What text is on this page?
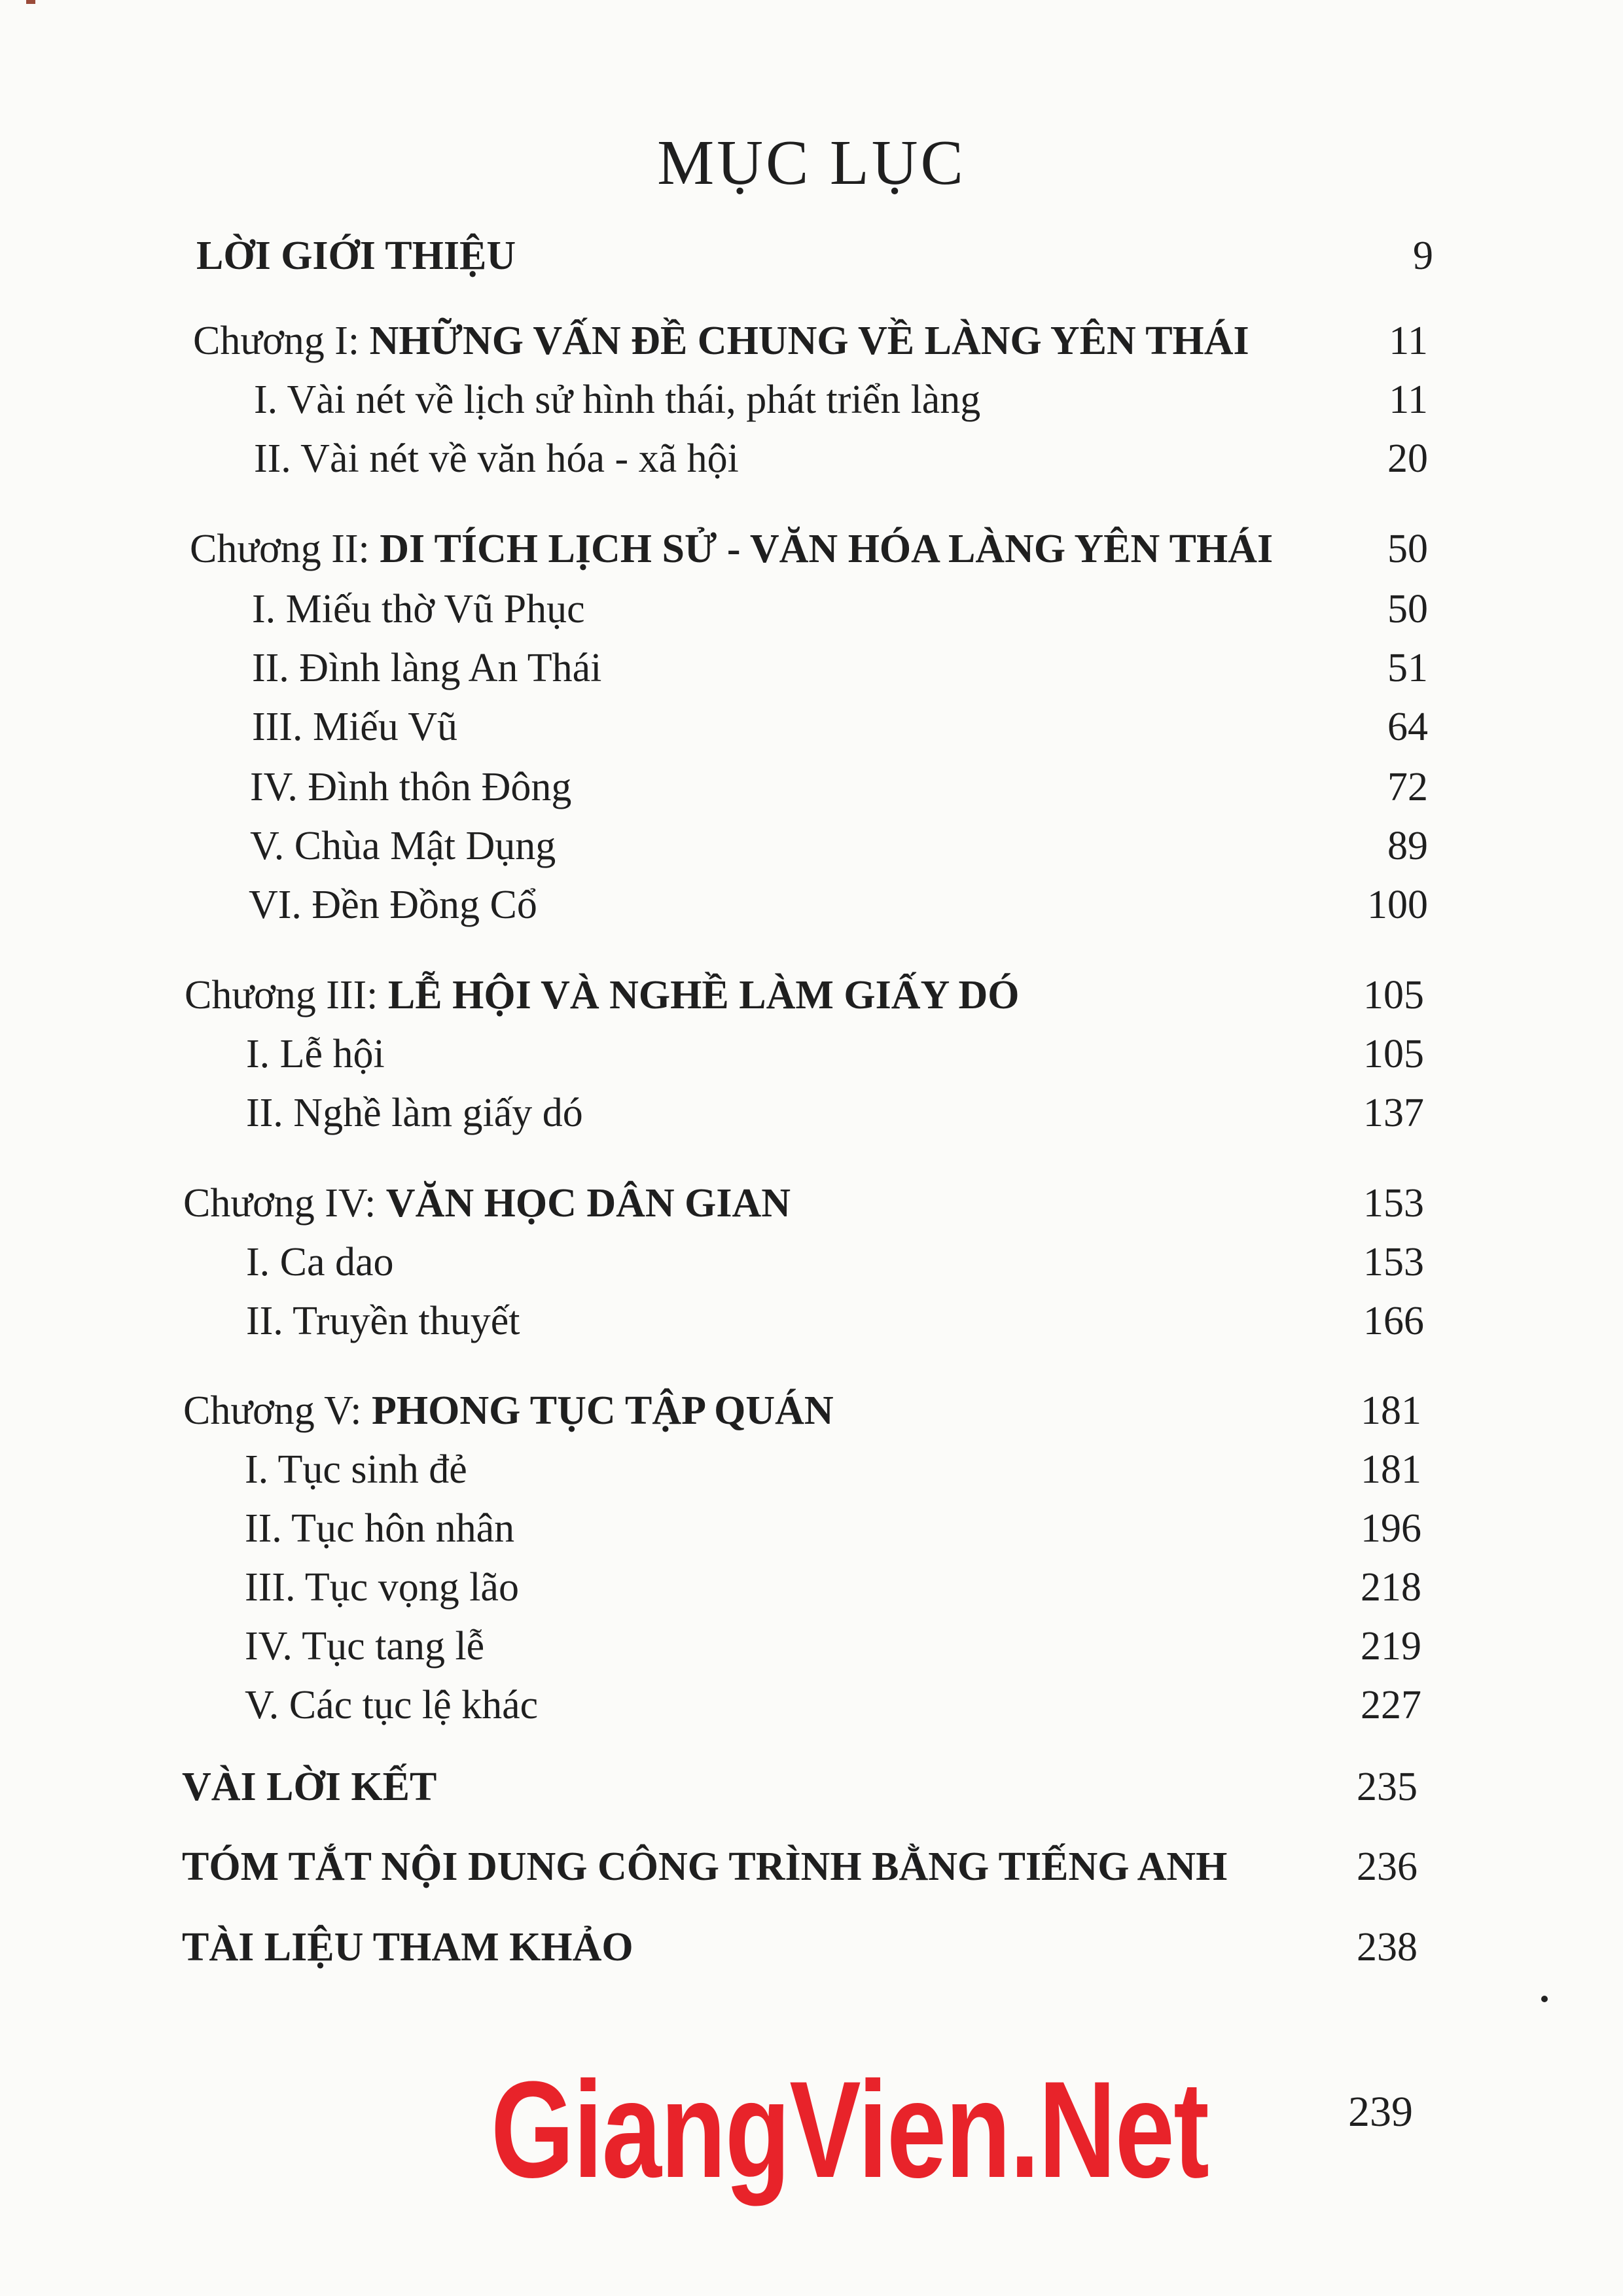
MỤC LỤC
LỜI GIỚI THIỆU	9
Chương I: NHỮNG VẤN ĐỀ CHUNG VỀ LÀNG YÊN THÁI	11
I. Vài nét về lịch sử hình thái, phát triển làng	11
II. Vài nét về văn hóa - xã hội	20
Chương II: DI TÍCH LỊCH SỬ - VĂN HÓA LÀNG YÊN THÁI	50
I. Miếu thờ Vũ Phục	50
II. Đình làng An Thái	51
III. Miếu Vũ	64
IV. Đình thôn Đông	72
V. Chùa Mật Dụng	89
VI. Đền Đồng Cổ	100
Chương III: LỄ HỘI VÀ NGHỀ LÀM GIẤY DÓ	105
I. Lễ hội	105
II. Nghề làm giấy dó	137
Chương IV: VĂN HỌC DÂN GIAN	153
I. Ca dao	153
II. Truyền thuyết	166
Chương V: PHONG TỤC TẬP QUÁN	181
I. Tục sinh đẻ	181
II. Tục hôn nhân	196
III. Tục vọng lão	218
IV. Tục tang lễ	219
V. Các tục lệ khác	227
VÀI LỜI KẾT	235
TÓM TẮT NỘI DUNG CÔNG TRÌNH BẰNG TIẾNG ANH	236
TÀI LIỆU THAM KHẢO	238
GiangVien.Net	239
